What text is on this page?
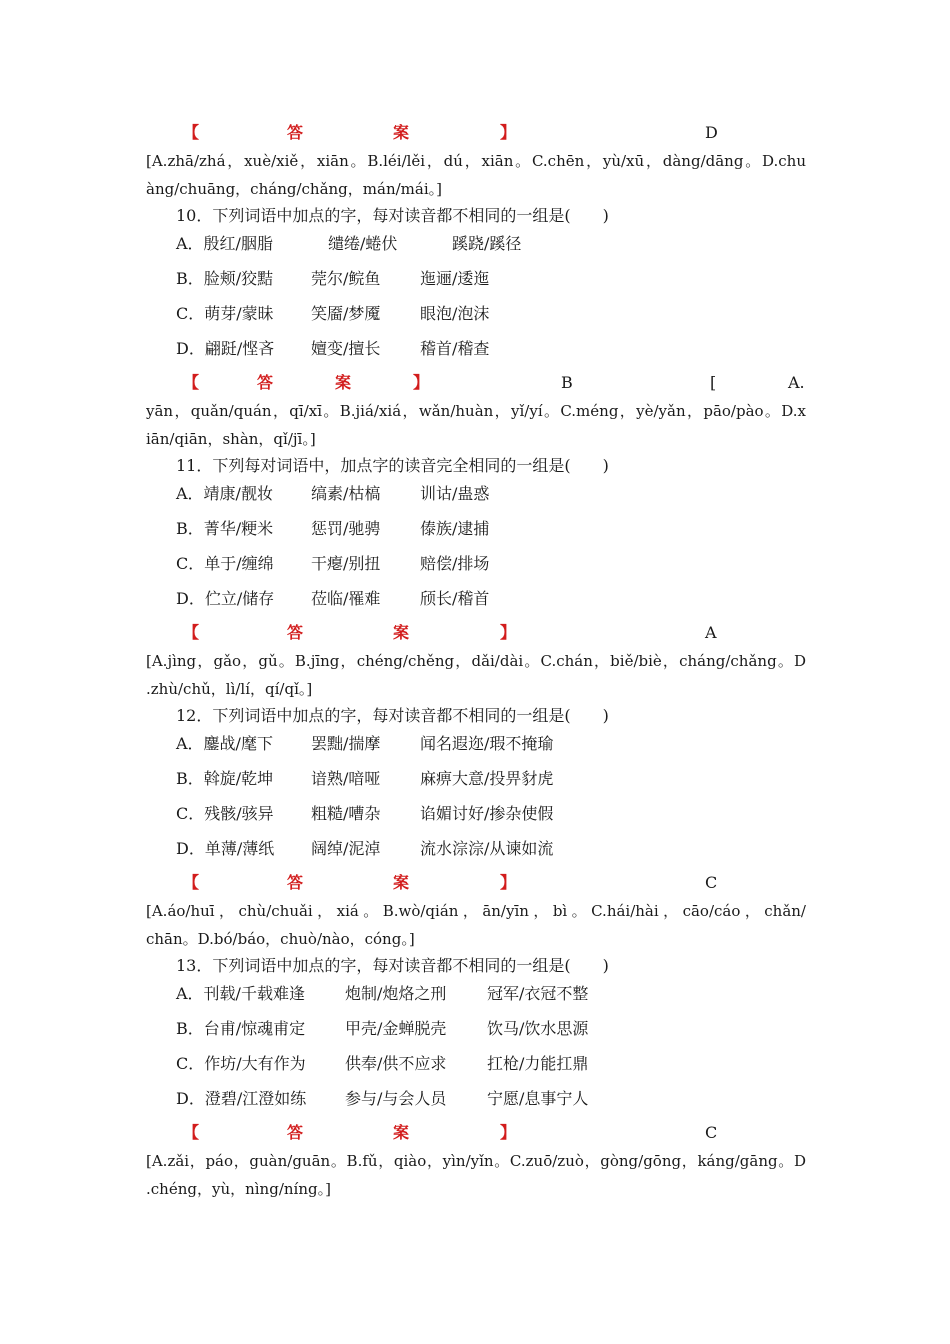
【	答	案	】	D
[A.zhā/zhá，xuè/xiě，xiān。B.léi/lěi，dú，xiān。C.chēn，yù/xū，dàng/dāng。D.chu
àng/chuāng，cháng/chǎng，mán/mái。]
10．下列词语中加点的字，每对读音都不相同的一组是(　　)
A．殷红/胭脂	缱绻/蜷伏	蹊跷/蹊径
B．脸颊/狡黠 莞尔/鲩鱼 迤逦/逶迤
C．萌芽/蒙昧 笑靥/梦魇 眼泡/泡沫
D．翩跹/悭吝 嬗变/擅长 稽首/稽查
【	答	案	】	B	[	A.
yān，quǎn/quán，qī/xī。B.jiá/xiá，wǎn/huàn，yǐ/yí。C.méng，yè/yǎn，pāo/pào。D.x
iān/qiān，shàn，qǐ/jī。]
11．下列每对词语中，加点字的读音完全相同的一组是(　　)
A．靖康/靓妆 缟素/枯槁 训诂/蛊惑
B．菁华/粳米 惩罚/驰骋 傣族/逮捕
C．单于/缠绵 干瘪/别扭 赔偿/排场
D．伫立/储存 莅临/罹难 颀长/稽首
【	答	案	】	A
[A.jìng，gǎo，gǔ。B.jīng，chéng/chěng，dǎi/dài。C.chán，biě/biè，cháng/chǎng。D
.zhù/chǔ，lì/lí，qí/qǐ。]
12．下列词语中加点的字，每对读音都不相同的一组是(　　)
A．鏖战/麾下 罢黜/揣摩 闻名遐迩/瑕不掩瑜
B．斡旋/乾坤 谙熟/喑哑 麻痹大意/投畀豺虎
C．残骸/骇异 粗糙/嘈杂 谄媚讨好/掺杂使假
D．单薄/薄纸 阔绰/泥淖 流水淙淙/从谏如流
【	答	案	】	C
[A.áo/huī，chù/chuǎi，xiá。B.wò/qián，ān/yīn，bì。C.hái/hài，cāo/cáo，chǎn/
chān。D.bó/báo，chuò/nào，cóng。]
13．下列词语中加点的字，每对读音都不相同的一组是(　　)
A．刊载/千载难逢	炮制/炮烙之刑	冠军/衣冠不整
B．台甫/惊魂甫定 甲壳/金蝉脱壳	饮马/饮水思源
C．作坊/大有作为 供奉/供不应求	扛枪/力能扛鼎
D．澄碧/江澄如练 参与/与会人员	宁愿/息事宁人
【	答	案	】	C
[A.zǎi，páo，guàn/guān。B.fǔ，qiào，yìn/yǐn。C.zuō/zuò，gòng/gōng，káng/gāng。D
.chéng，yù，nìng/níng。]
